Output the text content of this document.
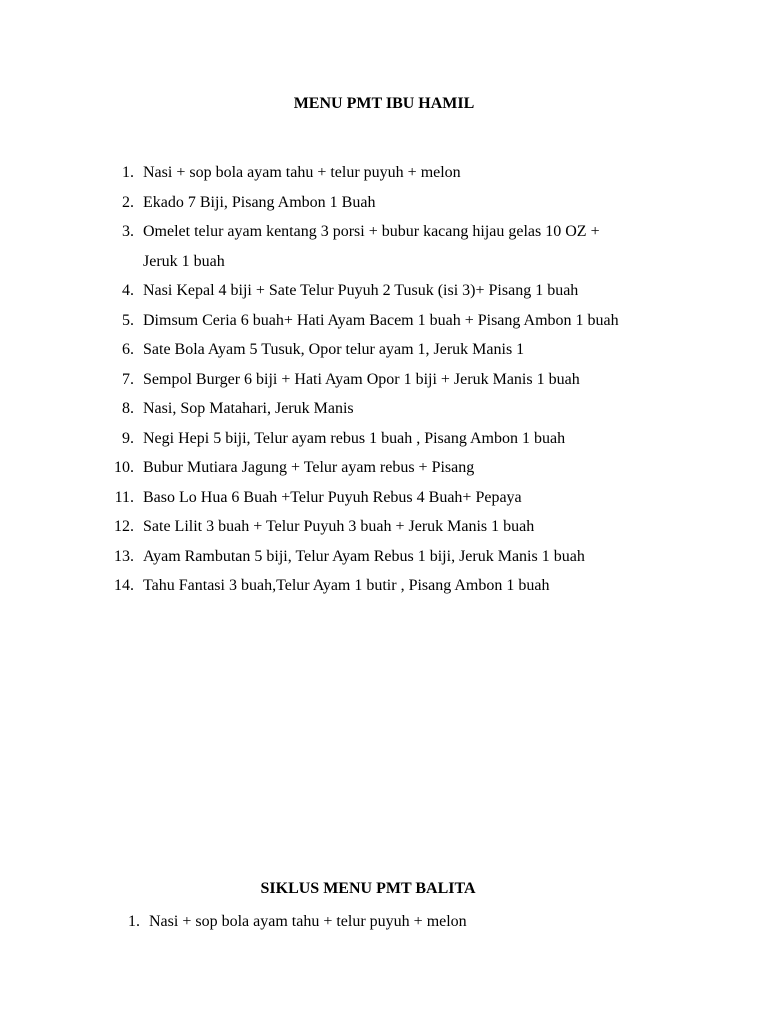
MENU PMT IBU HAMIL
1. Nasi + sop bola ayam tahu + telur puyuh + melon
2. Ekado 7 Biji, Pisang Ambon 1 Buah
3. Omelet telur ayam kentang 3 porsi + bubur kacang hijau gelas 10 OZ + Jeruk 1 buah
4. Nasi Kepal 4 biji + Sate Telur Puyuh 2 Tusuk (isi 3)+ Pisang 1 buah
5. Dimsum Ceria 6 buah+ Hati Ayam Bacem 1 buah + Pisang Ambon 1 buah
6. Sate Bola Ayam 5 Tusuk, Opor telur ayam 1, Jeruk Manis 1
7. Sempol Burger 6 biji + Hati Ayam Opor 1 biji + Jeruk Manis 1 buah
8. Nasi, Sop Matahari, Jeruk Manis
9. Negi Hepi 5 biji, Telur ayam rebus 1 buah , Pisang Ambon 1 buah
10. Bubur Mutiara Jagung + Telur ayam rebus + Pisang
11. Baso Lo Hua 6 Buah +Telur Puyuh Rebus 4 Buah+ Pepaya
12. Sate Lilit 3 buah + Telur Puyuh 3 buah + Jeruk Manis 1 buah
13. Ayam Rambutan 5 biji, Telur Ayam Rebus 1 biji, Jeruk Manis 1 buah
14. Tahu Fantasi 3 buah,Telur Ayam 1 butir , Pisang Ambon 1 buah
SIKLUS MENU PMT BALITA
1. Nasi + sop bola ayam tahu + telur puyuh + melon
